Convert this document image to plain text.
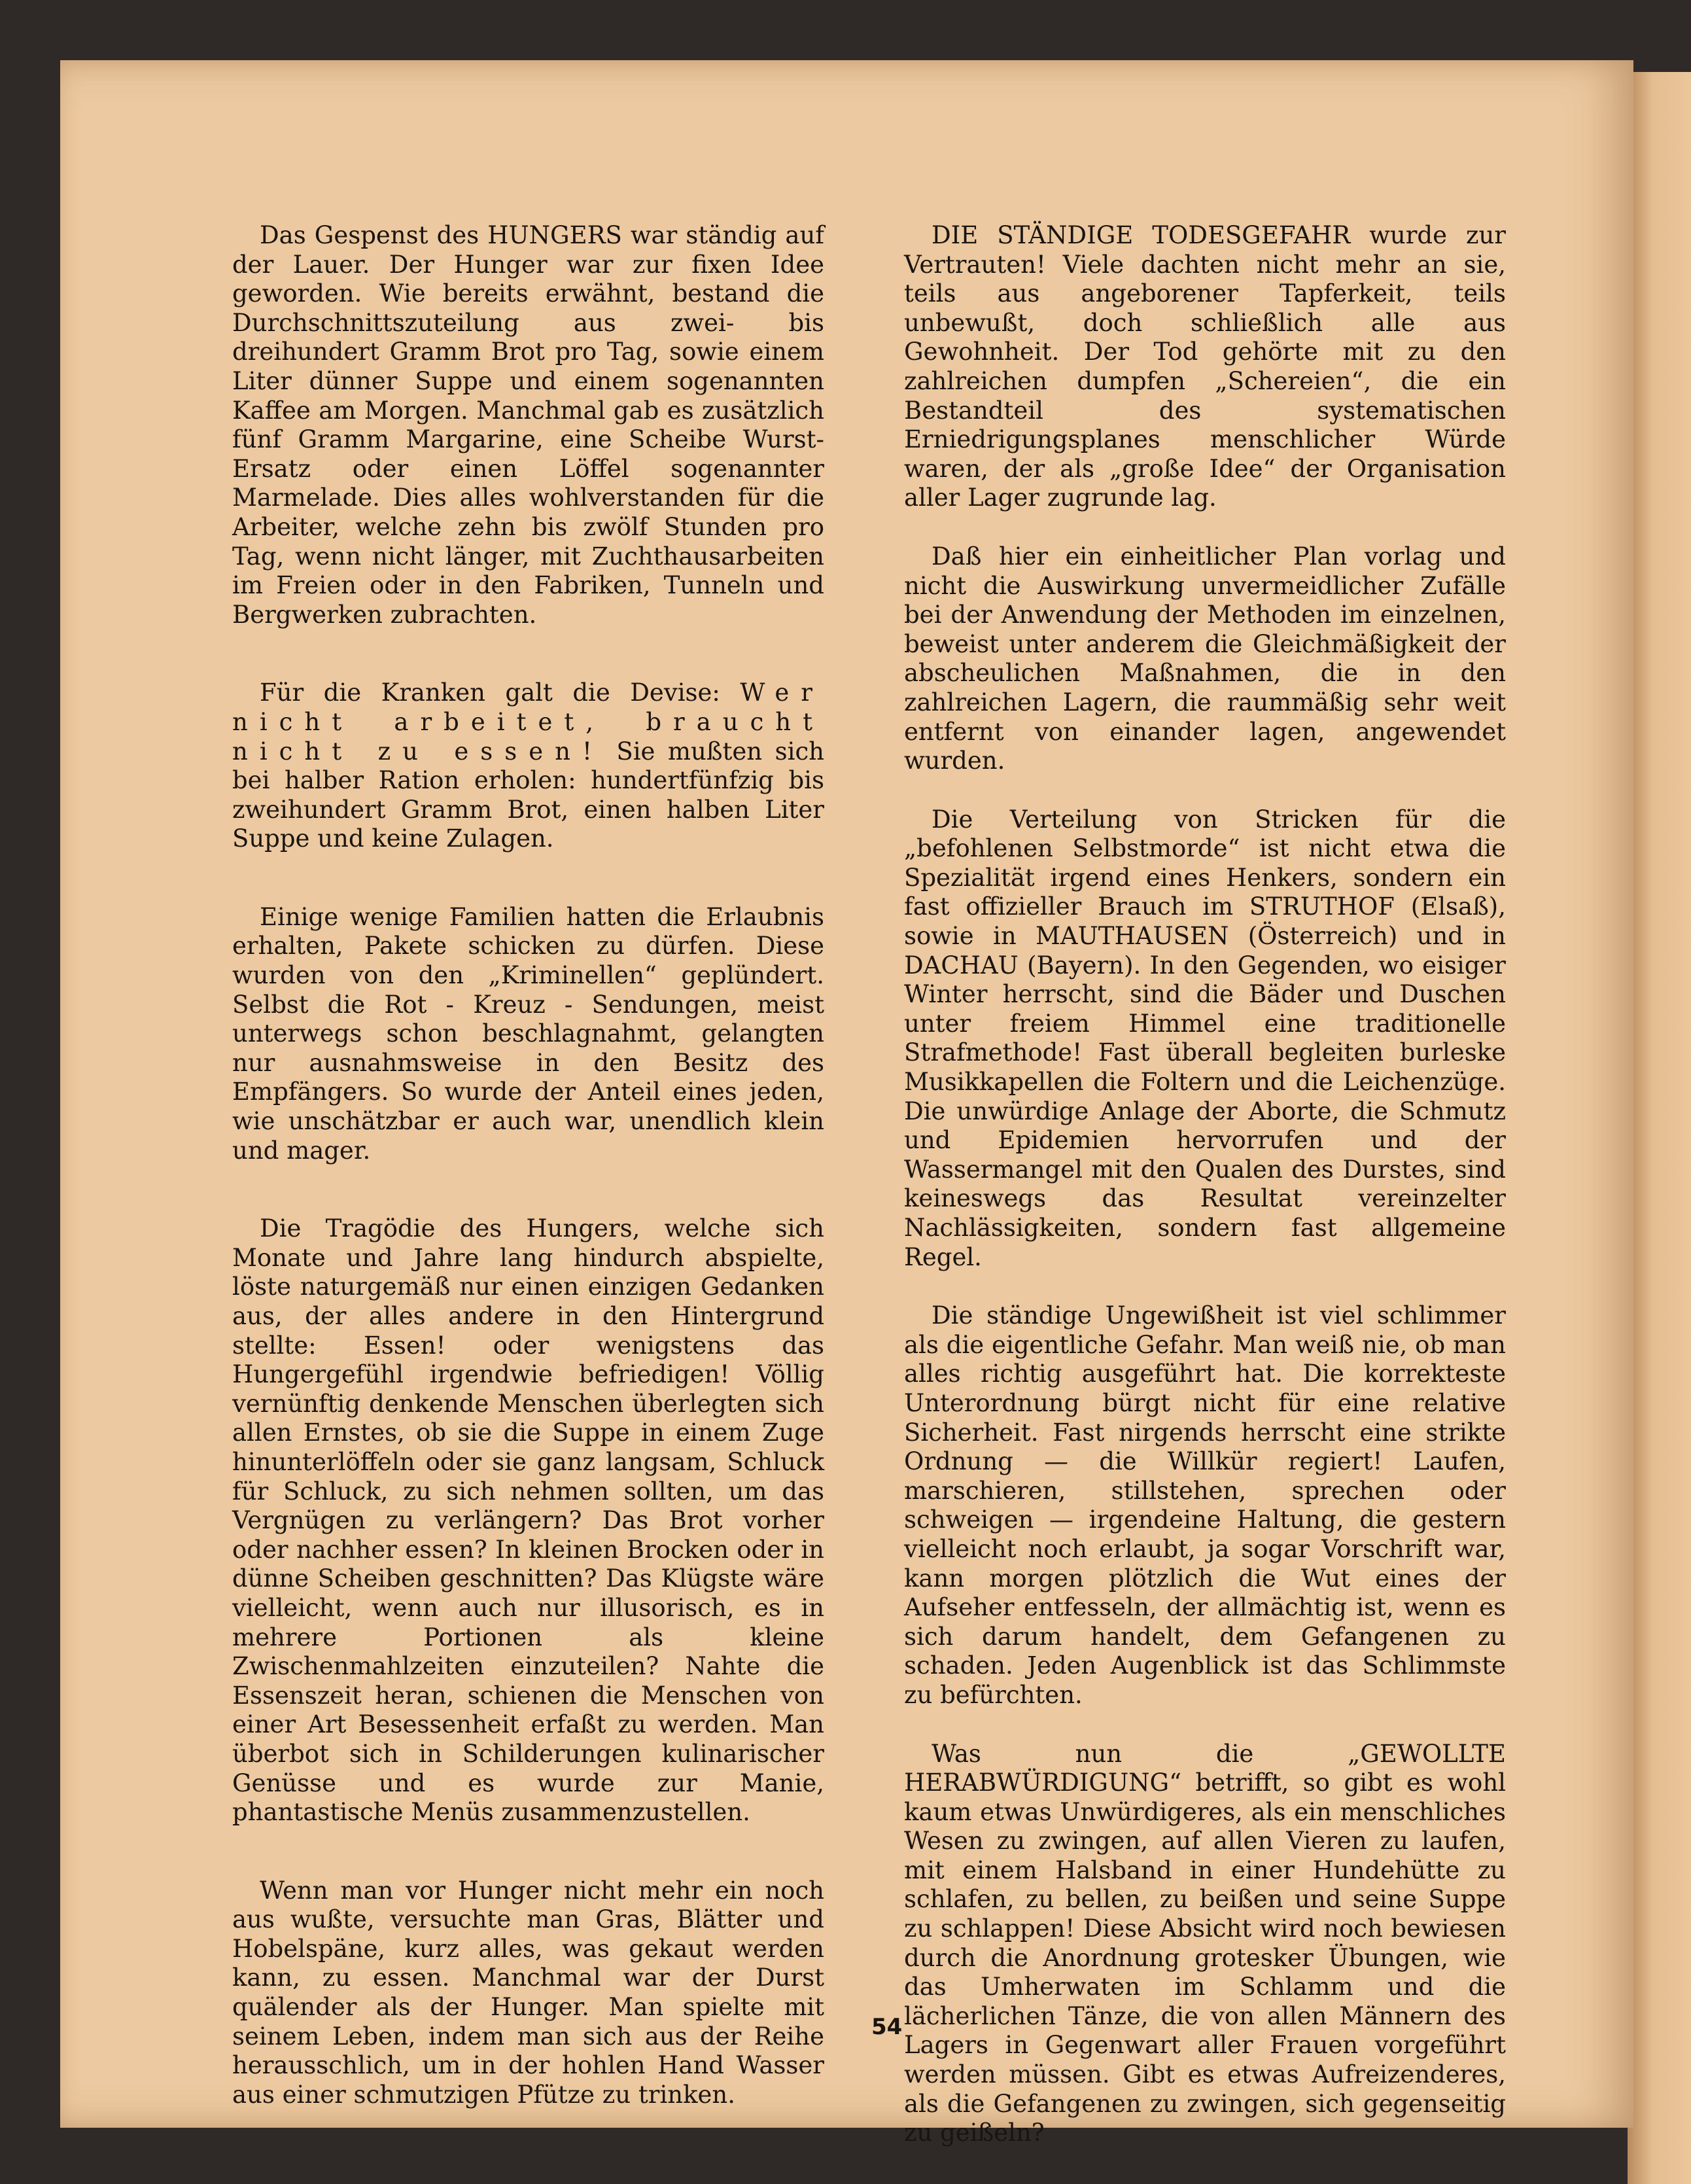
Das Gespenst des HUNGERS war ständig auf der Lauer. Der Hunger war zur fixen Idee geworden. Wie bereits erwähnt, bestand die Durchschnittszuteilung aus zwei- bis dreihundert Gramm Brot pro Tag, sowie einem Liter dünner Suppe und einem sogenannten Kaffee am Morgen. Manchmal gab es zusätzlich fünf Gramm Margarine, eine Scheibe Wurst-Ersatz oder einen Löffel sogenannter Marmelade. Dies alles wohlverstanden für die Arbeiter, welche zehn bis zwölf Stunden pro Tag, wenn nicht länger, mit Zuchthausarbeiten im Freien oder in den Fabriken, Tunneln und Bergwerken zubrachten.

Für die Kranken galt die Devise: Wer nicht arbeitet, braucht nicht zu essen! Sie mußten sich bei halber Ration erholen: hundertfünfzig bis zweihundert Gramm Brot, einen halben Liter Suppe und keine Zulagen.

Einige wenige Familien hatten die Erlaubnis erhalten, Pakete schicken zu dürfen. Diese wurden von den „Kriminellen“ geplündert. Selbst die Rot - Kreuz - Sendungen, meist unterwegs schon beschlagnahmt, gelangten nur ausnahmsweise in den Besitz des Empfängers. So wurde der Anteil eines jeden, wie unschätzbar er auch war, unendlich klein und mager.

Die Tragödie des Hungers, welche sich Monate und Jahre lang hindurch abspielte, löste naturgemäß nur einen einzigen Gedanken aus, der alles andere in den Hintergrund stellte: Essen! oder wenigstens das Hungergefühl irgendwie befriedigen! Völlig vernünftig denkende Menschen überlegten sich allen Ernstes, ob sie die Suppe in einem Zuge hinunterlöffeln oder sie ganz langsam, Schluck für Schluck, zu sich nehmen sollten, um das Vergnügen zu verlängern? Das Brot vorher oder nachher essen? In kleinen Brocken oder in dünne Scheiben geschnitten? Das Klügste wäre vielleicht, wenn auch nur illusorisch, es in mehrere Portionen als kleine Zwischenmahlzeiten einzuteilen? Nahte die Essenszeit heran, schienen die Menschen von einer Art Besessenheit erfaßt zu werden. Man überbot sich in Schilderungen kulinarischer Genüsse und es wurde zur Manie, phantastische Menüs zusammenzustellen.

Wenn man vor Hunger nicht mehr ein noch aus wußte, versuchte man Gras, Blätter und Hobelspäne, kurz alles, was gekaut werden kann, zu essen. Manchmal war der Durst quälender als der Hunger. Man spielte mit seinem Leben, indem man sich aus der Reihe herausschlich, um in der hohlen Hand Wasser aus einer schmutzigen Pfütze zu trinken.

DIE STÄNDIGE TODESGEFAHR wurde zur Vertrauten! Viele dachten nicht mehr an sie, teils aus angeborener Tapferkeit, teils unbewußt, doch schließlich alle aus Gewohnheit. Der Tod gehörte mit zu den zahlreichen dumpfen „Schereien“, die ein Bestandteil des systematischen Erniedrigungsplanes menschlicher Würde waren, der als „große Idee“ der Organisation aller Lager zugrunde lag.

Daß hier ein einheitlicher Plan vorlag und nicht die Auswirkung unvermeidlicher Zufälle bei der Anwendung der Methoden im einzelnen, beweist unter anderem die Gleichmäßigkeit der abscheulichen Maßnahmen, die in den zahlreichen Lagern, die raummäßig sehr weit entfernt von einander lagen, angewendet wurden.

Die Verteilung von Stricken für die „befohlenen Selbstmorde“ ist nicht etwa die Spezialität irgend eines Henkers, sondern ein fast offizieller Brauch im STRUTHOF (Elsaß), sowie in MAUTHAUSEN (Österreich) und in DACHAU (Bayern). In den Gegenden, wo eisiger Winter herrscht, sind die Bäder und Duschen unter freiem Himmel eine traditionelle Strafmethode! Fast überall begleiten burleske Musikkapellen die Foltern und die Leichenzüge. Die unwürdige Anlage der Aborte, die Schmutz und Epidemien hervorrufen und der Wassermangel mit den Qualen des Durstes, sind keineswegs das Resultat vereinzelter Nachlässigkeiten, sondern fast allgemeine Regel.

Die ständige Ungewißheit ist viel schlimmer als die eigentliche Gefahr. Man weiß nie, ob man alles richtig ausgeführt hat. Die korrekteste Unterordnung bürgt nicht für eine relative Sicherheit. Fast nirgends herrscht eine strikte Ordnung — die Willkür regiert! Laufen, marschieren, stillstehen, sprechen oder schweigen — irgendeine Haltung, die gestern vielleicht noch erlaubt, ja sogar Vorschrift war, kann morgen plötzlich die Wut eines der Aufseher entfesseln, der allmächtig ist, wenn es sich darum handelt, dem Gefangenen zu schaden. Jeden Augenblick ist das Schlimmste zu befürchten.

Was nun die „GEWOLLTE HERABWÜRDIGUNG“ betrifft, so gibt es wohl kaum etwas Unwürdigeres, als ein menschliches Wesen zu zwingen, auf allen Vieren zu laufen, mit einem Halsband in einer Hundehütte zu schlafen, zu bellen, zu beißen und seine Suppe zu schlappen! Diese Absicht wird noch bewiesen durch die Anordnung grotesker Übungen, wie das Umherwaten im Schlamm und die lächerlichen Tänze, die von allen Männern des Lagers in Gegenwart aller Frauen vorgeführt werden müssen. Gibt es etwas Aufreizenderes, als die Gefangenen zu zwingen, sich gegenseitig zu geißeln?

54
